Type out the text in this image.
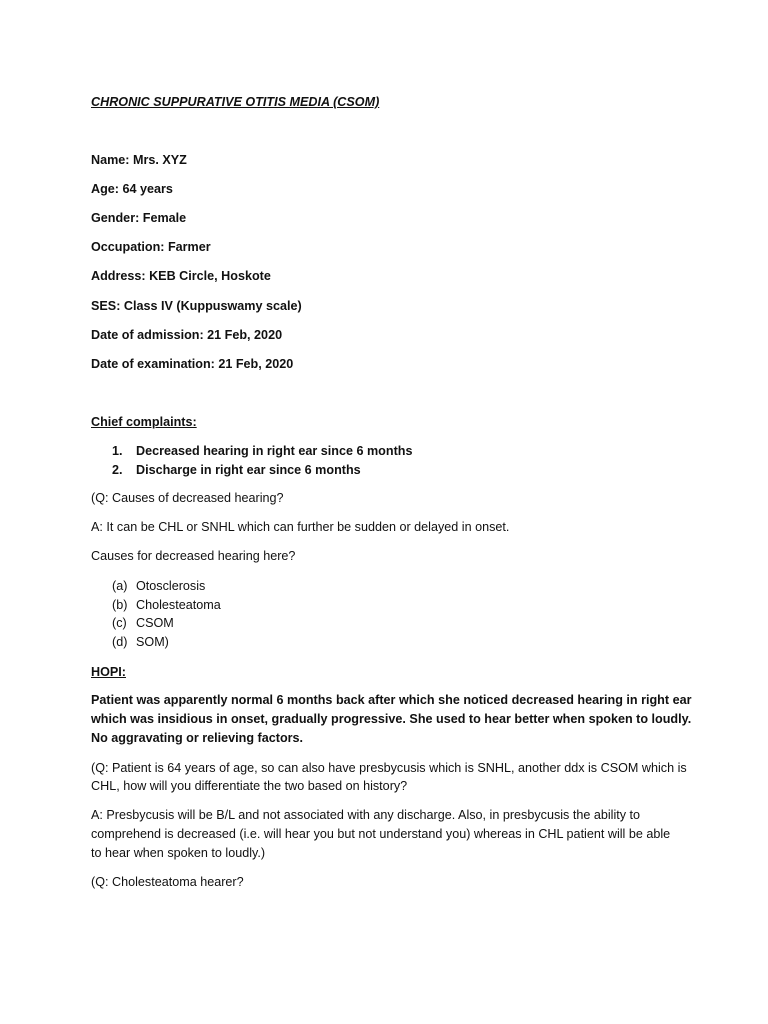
CHRONIC SUPPURATIVE OTITIS MEDIA (CSOM)
Name: Mrs. XYZ
Age: 64 years
Gender: Female
Occupation: Farmer
Address: KEB Circle, Hoskote
SES: Class IV (Kuppuswamy scale)
Date of admission: 21 Feb, 2020
Date of examination: 21 Feb, 2020
Chief complaints:
1. Decreased hearing in right ear since 6 months
2. Discharge in right ear since 6 months
(Q: Causes of decreased hearing?
A: It can be CHL or SNHL which can further be sudden or delayed in onset.
Causes for decreased hearing here?
(a) Otosclerosis
(b) Cholesteatoma
(c) CSOM
(d) SOM)
HOPI:
Patient was apparently normal 6 months back after which she noticed decreased hearing in right ear
which was insidious in onset, gradually progressive. She used to hear better when spoken to loudly.
No aggravating or relieving factors.
(Q: Patient is 64 years of age, so can also have presbycusis which is SNHL, another ddx is CSOM which is
CHL, how will you differentiate the two based on history?
A: Presbycusis will be B/L and not associated with any discharge. Also, in presbycusis the ability to
comprehend is decreased (i.e. will hear you but not understand you) whereas in CHL patient will be able
to hear when spoken to loudly.)
(Q: Cholesteatoma hearer?
